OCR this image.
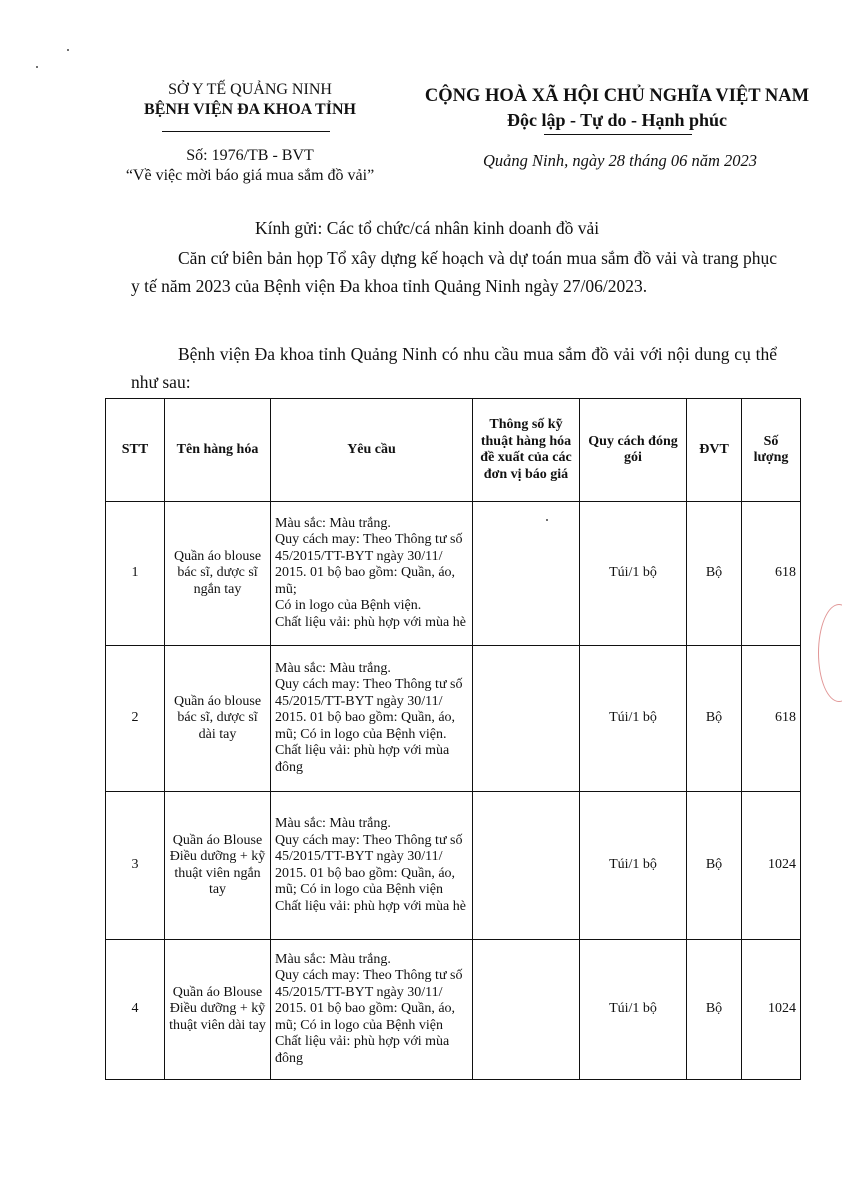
SỞ Y TẾ QUẢNG NINH
BỆNH VIỆN ĐA KHOA TỈNH
CỘNG HOÀ XÃ HỘI CHỦ NGHĨA VIỆT NAM
Độc lập - Tự do - Hạnh phúc
Số: 1976/TB - BVT
“Về việc mời báo giá mua sắm đồ vải”
Quảng Ninh, ngày 28 tháng 06 năm 2023
Kính gửi: Các tổ chức/cá nhân kinh doanh đồ vải
Căn cứ biên bản họp Tổ xây dựng kế hoạch và dự toán mua sắm đồ vải và trang phục y tế năm 2023 của Bệnh viện Đa khoa tỉnh Quảng Ninh ngày 27/06/2023.
Bệnh viện Đa khoa tỉnh Quảng Ninh có nhu cầu mua sắm đồ vải với nội dung cụ thể như sau:
STT	Tên hàng hóa	Yêu cầu	Thông số kỹ thuật hàng hóa đề xuất của các đơn vị báo giá	Quy cách đóng gói	ĐVT	Số lượng
1	Quần áo blouse bác sĩ, dược sĩ ngắn tay	Màu sắc: Màu trắng.
Quy cách may: Theo Thông tư số 45/2015/TT-BYT ngày 30/11/ 2015. 01 bộ bao gồm: Quần, áo, mũ;
Có in logo của Bệnh viện.
Chất liệu vải: phù hợp với mùa hè		Túi/1 bộ	Bộ	618
2	Quần áo blouse bác sĩ, dược sĩ dài tay	Màu sắc: Màu trắng.
Quy cách may: Theo Thông tư số 45/2015/TT-BYT ngày 30/11/ 2015. 01 bộ bao gồm: Quần, áo, mũ; Có in logo của Bệnh viện.
Chất liệu vải: phù hợp với mùa đông		Túi/1 bộ	Bộ	618
3	Quần áo Blouse Điều dưỡng + kỹ thuật viên ngắn tay	Màu sắc: Màu trắng.
Quy cách may: Theo Thông tư số 45/2015/TT-BYT ngày 30/11/ 2015. 01 bộ bao gồm: Quần, áo, mũ; Có in logo của Bệnh viện
Chất liệu vải: phù hợp với mùa hè		Túi/1 bộ	Bộ	1024
4	Quần áo Blouse Điều dưỡng + kỹ thuật viên dài tay	Màu sắc: Màu trắng.
Quy cách may: Theo Thông tư số 45/2015/TT-BYT ngày 30/11/ 2015. 01 bộ bao gồm: Quần, áo, mũ; Có in logo của Bệnh viện
Chất liệu vải: phù hợp với mùa đông		Túi/1 bộ	Bộ	1024
